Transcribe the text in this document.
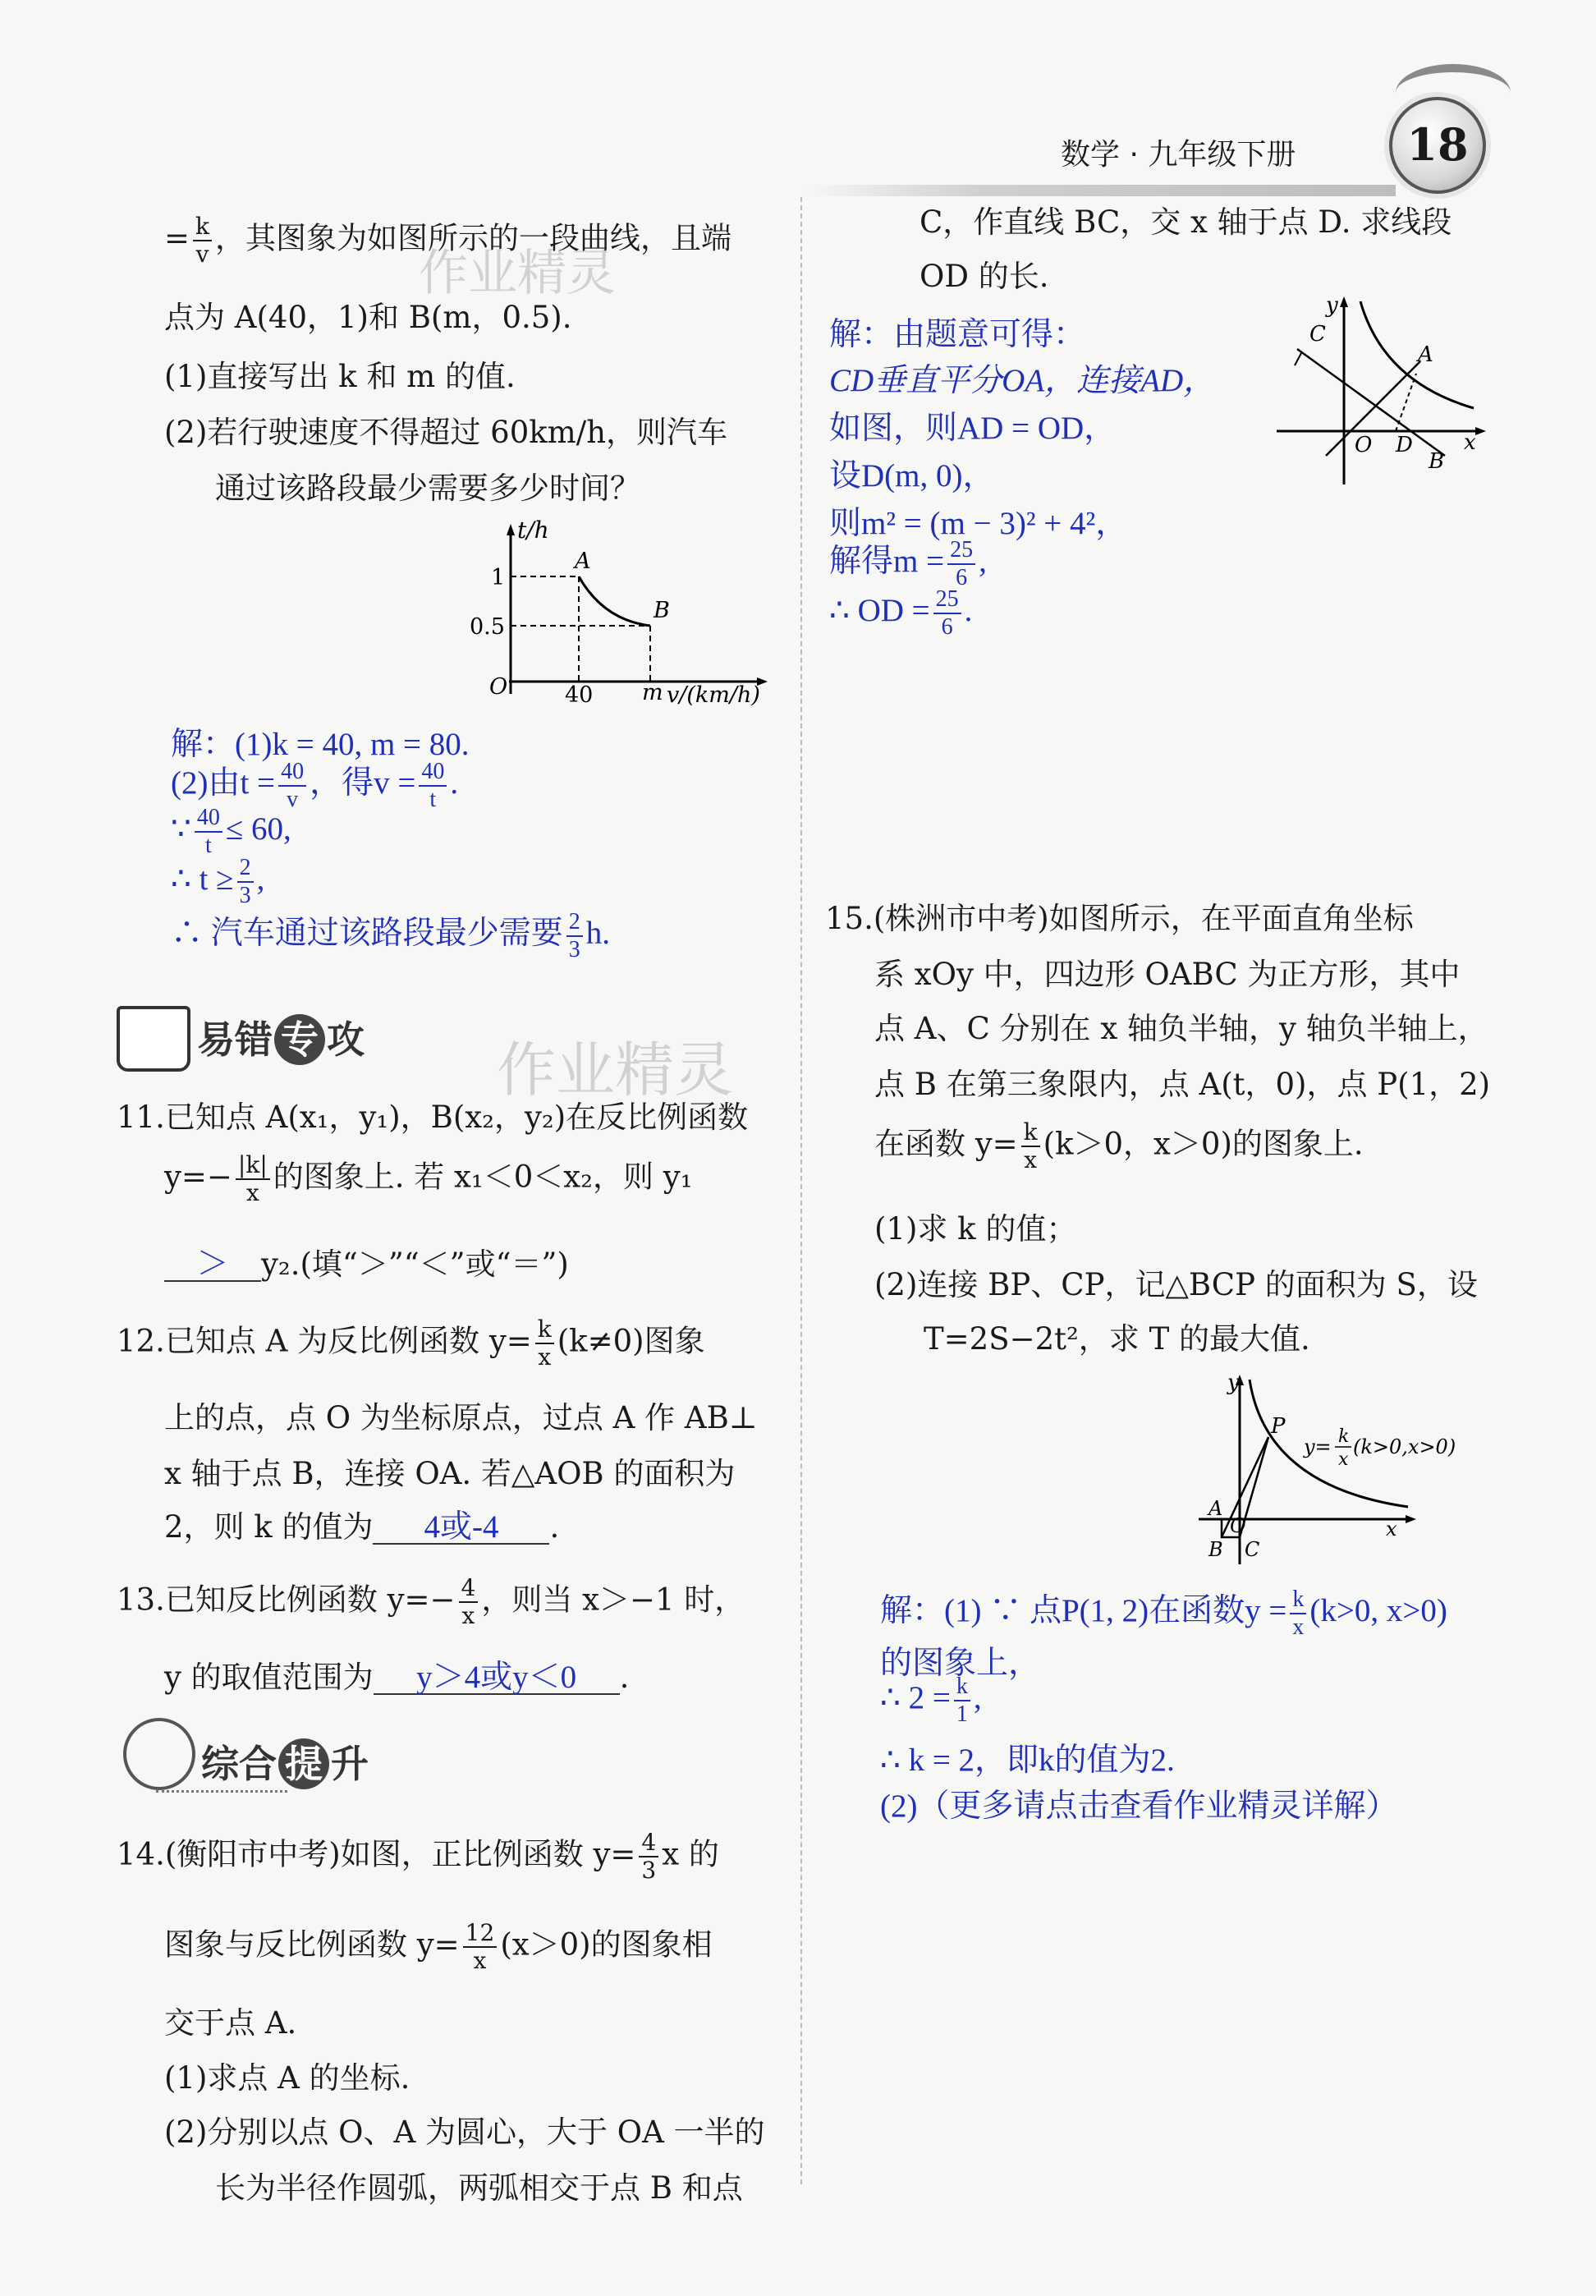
数学 · 九年级下册	18
作业精灵
作业精灵
= $\frac{k}{v}$ ，其图象为如图所示的一段曲线，且端
点为 A(40，1)和 B(m，0.5).
(1)直接写出 k 和 m 的值.
(2)若行驶速度不得超过 60km/h，则汽车
通过该路段最少需要多少时间？
t/h
1
0.5
O	40 m v/(km/h)
A
B
解：(1)k = 40, m = 80.
(2)由$t = \frac{40}{v}$ ，得$v = \frac{40}{t}$ .
∵ $\frac{40}{t} \le 60$,
∴ $t \ge \frac{2}{3}$ ,
∴ 汽车通过该路段最少需要 $\frac{2}{3} h$.
易错 专 攻
11.已知点 A(x₁，y₁)，B(x₂，y₂)在反比例函数
$y=- \frac{|k|}{x}$ 的图象上. 若 x₁＜0＜x₂，则 y₁
＞ y₂.(填“＞”“＜”或“＝”)
12.已知点 A 为反比例函数 $y= \frac{k}{x} (k\ne 0)$图象
上的点，点 O 为坐标原点，过点 A 作 AB⊥
x 轴于点 B，连接 OA. 若△AOB 的面积为
2，则 k 的值为 4或-4 .
13.已知反比例函数 $y=- \frac{4}{x}$ ，则当 x＞−1 时，
y 的取值范围为 y＞4或y＜0 .
综合 提 升
14.(衡阳市中考)如图，正比例函数 $y= \frac{4}{3}$ x 的
图象与反比例函数 $y= \frac{12}{x} (x>0)$的图象相
交于点 A.
(1)求点 A 的坐标.
(2)分别以点 O、A 为圆心，大于 OA 一半的
长为半径作圆弧，两弧相交于点 B 和点
C，作直线 BC，交 x 轴于点 D. 求线段
OD 的长.
解：由题意可得：
CD垂直平分OA，连接AD，
如图，则AD = OD，
设D(m, 0)，
则m² = (m − 3)² + 4²，
解得$m = \frac{25}{6}$ ,
∴ OD = $\frac{25}{6}$ .
y
C
A
O D
B
x
15.(株洲市中考)如图所示，在平面直角坐标
系 xOy 中，四边形 OABC 为正方形，其中
点 A、C 分别在 x 轴负半轴，y 轴负半轴上，
点 B 在第三象限内，点 A(t，0)，点 P(1，2)
在函数 $y= \frac{k}{x} (k>0$，x＞0)的图象上.
(1)求 k 的值；
(2)连接 BP、CP，记△BCP 的面积为 S，设
T=2S−2t²，求 T 的最大值.
y
P
y= k
x
(k>0,x>0)
A
O	x
B C
解：(1) ∵ 点P(1, 2)在函数$y = \frac{k}{x} (k>0$, x>0)
的图象上，
∴ $2 = \frac{k}{1}$ ,
∴ k = 2，即k的值为2.
(2)（更多请点击查看作业精灵详解）
